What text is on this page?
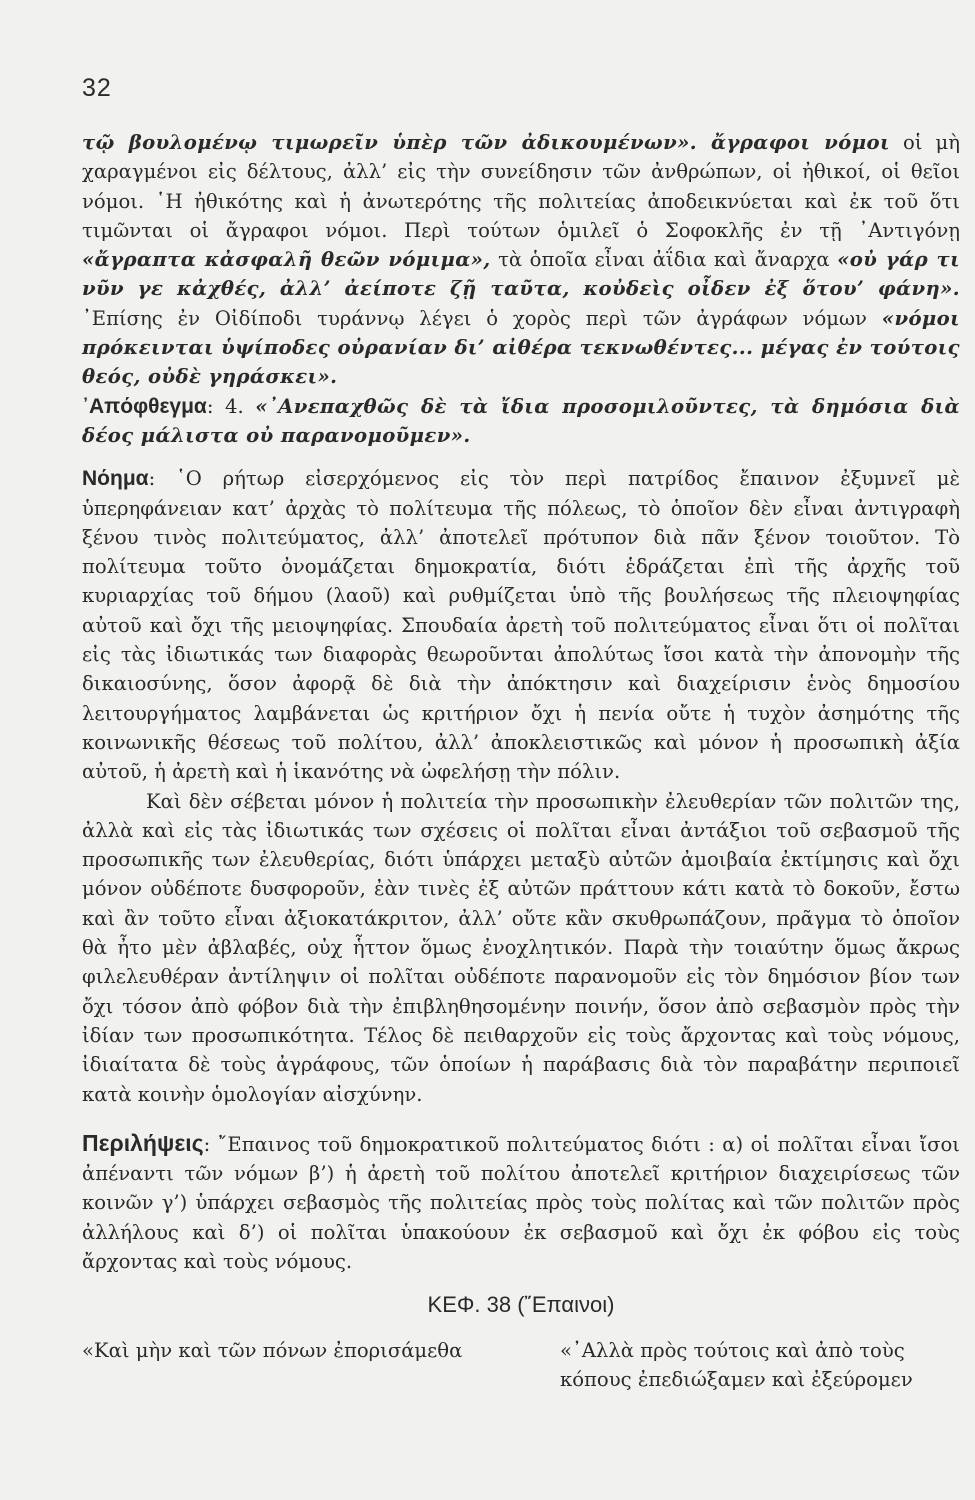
32

τῷ βουλομένῳ τιμωρεῖν ὑπὲρ τῶν ἀδικουμένων». ἄγραφοι νόμοι οἱ μὴ χαραγμένοι εἰς δέλτους, ἀλλ’ εἰς τὴν συνείδησιν τῶν ἀνθρώπων, οἱ ἠθικοί, οἱ θεῖοι νόμοι. ῾Η ἠθικότης καὶ ἡ ἀνωτερότης τῆς πολιτείας ἀποδεικνύεται καὶ ἐκ τοῦ ὅτι τιμῶνται οἱ ἄγραφοι νόμοι. Περὶ τούτων ὁμιλεῖ ὁ Σοφοκλῆς ἐν τῇ ᾿Αντιγόνῃ «ἄγραπτα κἀσφαλῆ θεῶν νόμιμα», τὰ ὁποῖα εἶναι ἀΐδια καὶ ἄναρχα «οὐ γάρ τι νῦν γε κἀχθές, ἀλλ’ ἀείποτε ζῇ ταῦτα, κοὐδεὶς οἶδεν ἐξ ὅτου’ φάνη». ᾿Επίσης ἐν Οἰδίποδι τυράννῳ λέγει ὁ χορὸς περὶ τῶν ἀγράφων νόμων «νόμοι πρόκεινται ὑψίποδες οὐρανίαν δι’ αἰθέρα τεκνωθέντες... μέγας ἐν τούτοις θεός, οὐδὲ γηράσκει».

᾿Απόφθεγμα: 4. «᾿Ανεπαχθῶς δὲ τὰ ἴδια προσομιλοῦντες, τὰ δημόσια διὰ δέος μάλιστα οὐ παρανομοῦμεν».

Νόημα: ῾Ο ρήτωρ εἰσερχόμενος εἰς τὸν περὶ πατρίδος ἔπαινον ἐξυμνεῖ μὲ ὑπερηφάνειαν κατ’ ἀρχὰς τὸ πολίτευμα τῆς πόλεως, τὸ ὁποῖον δὲν εἶναι ἀντιγραφὴ ξένου τινὸς πολιτεύματος, ἀλλ’ ἀποτελεῖ πρότυπον διὰ πᾶν ξένον τοιοῦτον. Τὸ πολίτευμα τοῦτο ὀνομάζεται δημοκρατία, διότι ἑδράζεται ἐπὶ τῆς ἀρχῆς τοῦ κυριαρχίας τοῦ δήμου (λαοῦ) καὶ ρυθμίζεται ὑπὸ τῆς βουλήσεως τῆς πλειοψηφίας αὐτοῦ καὶ ὄχι τῆς μειοψηφίας. Σπουδαία ἀρετὴ τοῦ πολιτεύματος εἶναι ὅτι οἱ πολῖται εἰς τὰς ἰδιωτικάς των διαφορὰς θεωροῦνται ἀπολύτως ἴσοι κατὰ τὴν ἀπονομὴν τῆς δικαιοσύνης, ὅσον ἀφορᾷ δὲ διὰ τὴν ἀπόκτησιν καὶ διαχείρισιν ἑνὸς δημοσίου λειτουργήματος λαμβάνεται ὡς κριτήριον ὄχι ἡ πενία οὔτε ἡ τυχὸν ἀσημότης τῆς κοινωνικῆς θέσεως τοῦ πολίτου, ἀλλ’ ἀποκλειστικῶς καὶ μόνον ἡ προσωπικὴ ἀξία αὐτοῦ, ἡ ἀρετὴ καὶ ἡ ἱκανότης νὰ ὠφελήσῃ τὴν πόλιν.

Καὶ δὲν σέβεται μόνον ἡ πολιτεία τὴν προσωπικὴν ἐλευθερίαν τῶν πολιτῶν της, ἀλλὰ καὶ εἰς τὰς ἰδιωτικάς των σχέσεις οἱ πολῖται εἶναι ἀντάξιοι τοῦ σεβασμοῦ τῆς προσωπικῆς των ἐλευθερίας, διότι ὑπάρχει μεταξὺ αὐτῶν ἀμοιβαία ἐκτίμησις καὶ ὄχι μόνον οὐδέποτε δυσφοροῦν, ἐὰν τινὲς ἐξ αὐτῶν πράττουν κάτι κατὰ τὸ δοκοῦν, ἔστω καὶ ἂν τοῦτο εἶναι ἀξιοκατάκριτον, ἀλλ’ οὔτε κἂν σκυθρωπάζουν, πρᾶγμα τὸ ὁποῖον θὰ ἦτο μὲν ἀβλαβές, οὐχ ἧττον ὅμως ἐνοχλητικόν. Παρὰ τὴν τοιαύτην ὅμως ἄκρως φιλελευθέραν ἀντίληψιν οἱ πολῖται οὐδέποτε παρανομοῦν εἰς τὸν δημόσιον βίον των ὄχι τόσον ἀπὸ φόβον διὰ τὴν ἐπιβληθησομένην ποινήν, ὅσον ἀπὸ σεβασμὸν πρὸς τὴν ἰδίαν των προσωπικότητα. Τέλος δὲ πειθαρχοῦν εἰς τοὺς ἄρχοντας καὶ τοὺς νόμους, ἰδιαίτατα δὲ τοὺς ἀγράφους, τῶν ὁποίων ἡ παράβασις διὰ τὸν παραβάτην περιποιεῖ κατὰ κοινὴν ὁμολογίαν αἰσχύνην.

Περιλήψεις: ῎Επαινος τοῦ δημοκρατικοῦ πολιτεύματος διότι : α) οἱ πολῖται εἶναι ἴσοι ἀπέναντι τῶν νόμων β’) ἡ ἀρετὴ τοῦ πολίτου ἀποτελεῖ κριτήριον διαχειρίσεως τῶν κοινῶν γ’) ὑπάρχει σεβασμὸς τῆς πολιτείας πρὸς τοὺς πολίτας καὶ τῶν πολιτῶν πρὸς ἀλλήλους καὶ δ’) οἱ πολῖται ὑπακούουν ἐκ σεβασμοῦ καὶ ὄχι ἐκ φόβου εἰς τοὺς ἄρχοντας καὶ τοὺς νόμους.

ΚΕΦ. 38 (῎Επαινοι)
«Καὶ μὴν καὶ τῶν πόνων ἐπορισάμεθα	«᾿Αλλὰ πρὸς τούτοις καὶ ἀπὸ τοὺς κόπους ἐπεδιώξαμεν καὶ ἐξεύρομεν
